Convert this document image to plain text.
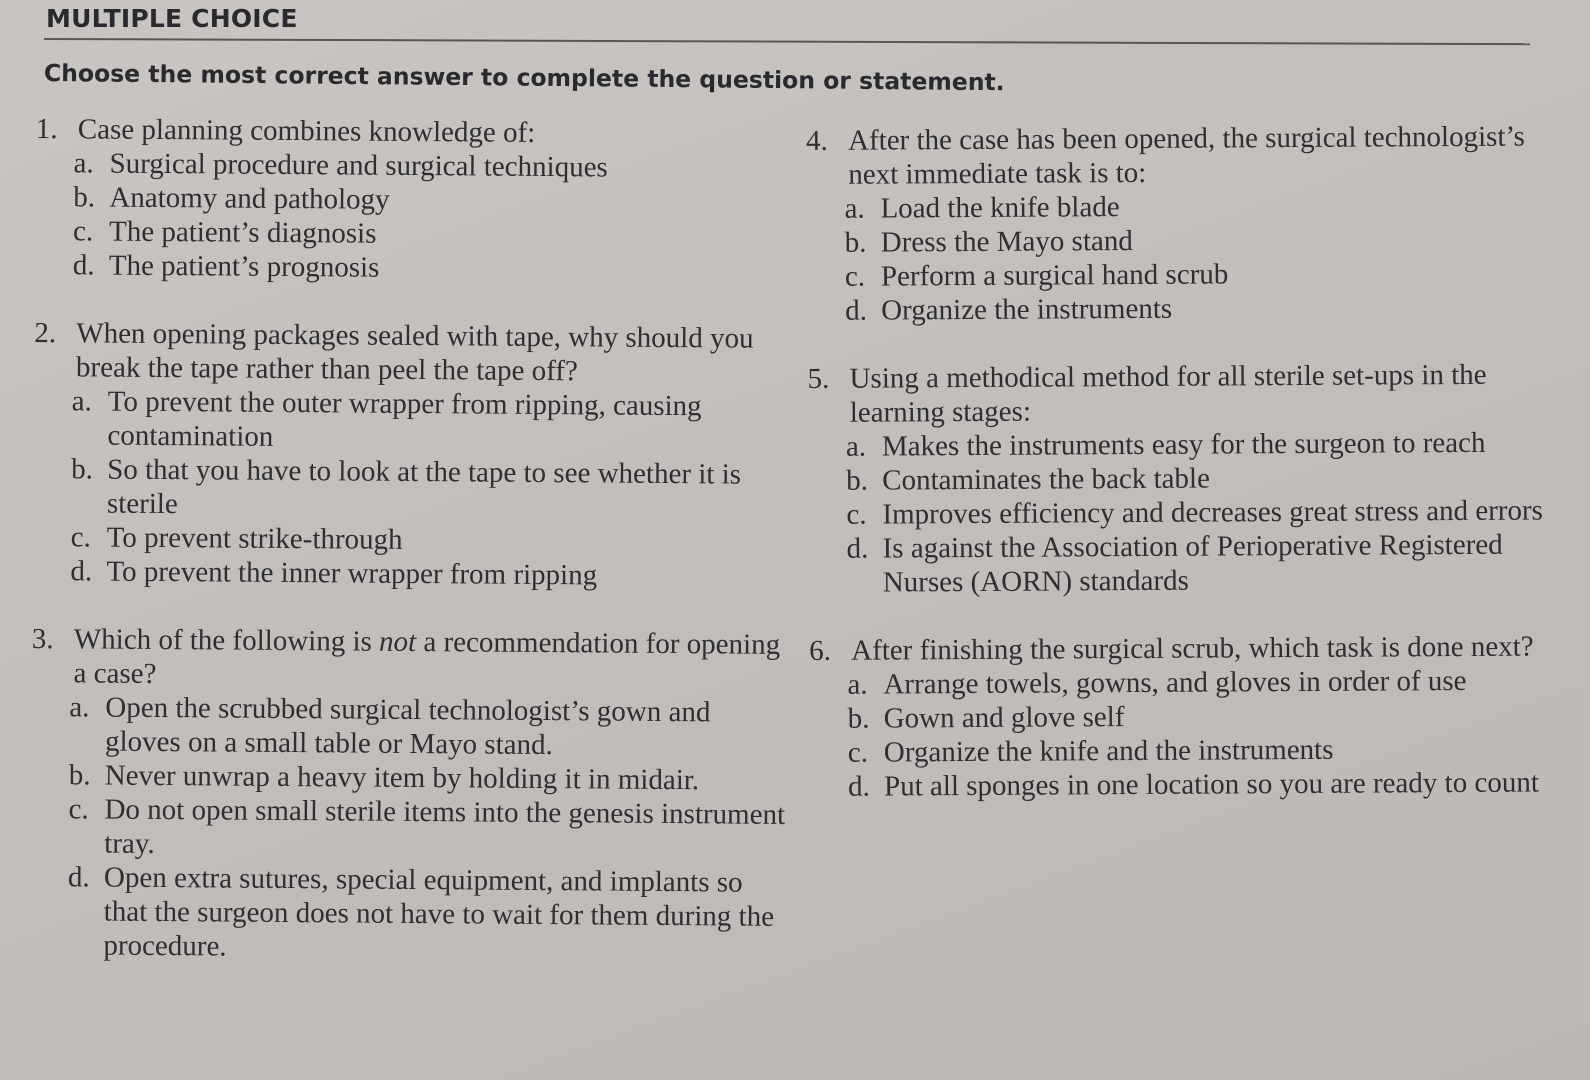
MULTIPLE CHOICE
Choose the most correct answer to complete the question or statement.
1. Case planning combines knowledge of:
a. Surgical procedure and surgical techniques
b. Anatomy and pathology
c. The patient’s diagnosis
d. The patient’s prognosis
2. When opening packages sealed with tape, why should you break the tape rather than peel the tape off?
a. To prevent the outer wrapper from ripping, causing contamination
b. So that you have to look at the tape to see whether it is sterile
c. To prevent strike-through
d. To prevent the inner wrapper from ripping
3. Which of the following is not a recommendation for opening a case?
a. Open the scrubbed surgical technologist’s gown and gloves on a small table or Mayo stand.
b. Never unwrap a heavy item by holding it in midair.
c. Do not open small sterile items into the genesis instrument tray.
d. Open extra sutures, special equipment, and implants so that the surgeon does not have to wait for them during the procedure.
4. After the case has been opened, the surgical technologist’s next immediate task is to:
a. Load the knife blade
b. Dress the Mayo stand
c. Perform a surgical hand scrub
d. Organize the instruments
5. Using a methodical method for all sterile set-ups in the learning stages:
a. Makes the instruments easy for the surgeon to reach
b. Contaminates the back table
c. Improves efficiency and decreases great stress and errors
d. Is against the Association of Perioperative Registered Nurses (AORN) standards
6. After finishing the surgical scrub, which task is done next?
a. Arrange towels, gowns, and gloves in order of use
b. Gown and glove self
c. Organize the knife and the instruments
d. Put all sponges in one location so you are ready to count
